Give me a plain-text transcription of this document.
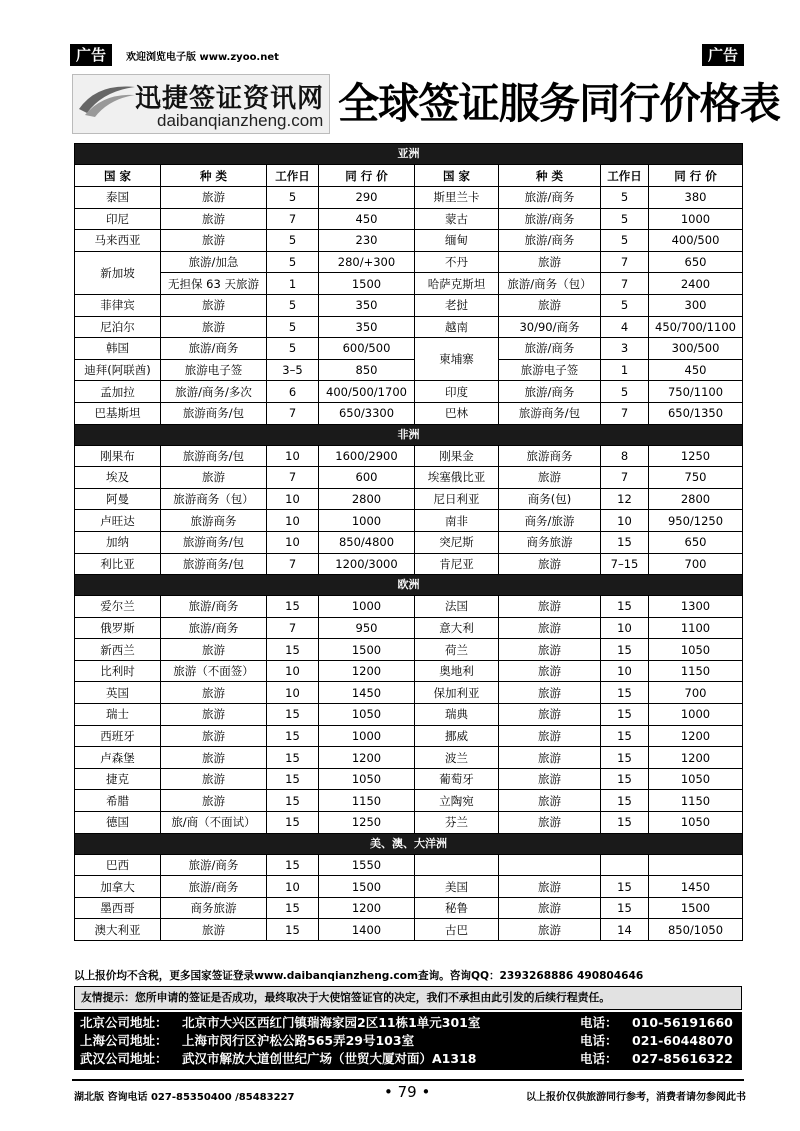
广告	欢迎浏览电子版 www.zyoo.net	广告
迅捷签证资讯网
daibanqianzheng.com 全球签证服务同行价格表
亚洲							
国 家	种 类	工作日	同 行 价	国 家	种 类	工作日	同 行 价
泰国	旅游	5	290	斯里兰卡	旅游/商务	5	380
印尼	旅游	7	450	蒙古	旅游/商务	5	1000
马来西亚	旅游	5	230	缅甸	旅游/商务	5	400/500
新加坡	旅游/加急	5	280/+300	不丹	旅游	7	650
	无担保 63 天旅游	1	1500	哈萨克斯坦	旅游/商务（包）	7	2400
菲律宾	旅游	5	350	老挝	旅游	5	300
尼泊尔	旅游	5	350	越南	30/90/商务	4	450/700/1100
韩国	旅游/商务	5	600/500	柬埔寨	旅游/商务	3	300/500
迪拜(阿联酋)	旅游电子签	3–5	850		旅游电子签	1	450
孟加拉	旅游/商务/多次	6	400/500/1700	印度	旅游/商务	5	750/1100
巴基斯坦	旅游商务/包	7	650/3300	巴林	旅游商务/包	7	650/1350
非洲							
刚果布	旅游商务/包	10	1600/2900	刚果金	旅游商务	8	1250
埃及	旅游	7	600	埃塞俄比亚	旅游	7	750
阿曼	旅游商务（包）	10	2800	尼日利亚	商务(包)	12	2800
卢旺达	旅游商务	10	1000	南非	商务/旅游	10	950/1250
加纳	旅游商务/包	10	850/4800	突尼斯	商务旅游	15	650
利比亚	旅游商务/包	7	1200/3000	肯尼亚	旅游	7–15	700
欧洲							
爱尔兰	旅游/商务	15	1000	法国	旅游	15	1300
俄罗斯	旅游/商务	7	950	意大利	旅游	10	1100
新西兰	旅游	15	1500	荷兰	旅游	15	1050
比利时	旅游（不面签）	10	1200	奥地利	旅游	10	1150
英国	旅游	10	1450	保加利亚	旅游	15	700
瑞士	旅游	15	1050	瑞典	旅游	15	1000
西班牙	旅游	15	1000	挪威	旅游	15	1200
卢森堡	旅游	15	1200	波兰	旅游	15	1200
捷克	旅游	15	1050	葡萄牙	旅游	15	1050
希腊	旅游	15	1150	立陶宛	旅游	15	1150
德国	旅/商（不面试）	15	1250	芬兰	旅游	15	1050
美、澳、大洋洲							
巴西	旅游/商务	15	1550				
加拿大	旅游/商务	10	1500	美国	旅游	15	1450
墨西哥	商务旅游	15	1200	秘鲁	旅游	15	1500
澳大利亚	旅游	15	1400	古巴	旅游	14	850/1050
以上报价均不含税，更多国家签证登录www.daibanqianzheng.com查询。咨询QQ：2393268886 490804646
友情提示：您所申请的签证是否成功，最终取决于大使馆签证官的决定，我们不承担由此引发的后续行程责任。
北京公司地址： 北京市大兴区西红门镇瑞海家园2区11栋1单元301室	电话： 010-56191660
上海公司地址： 上海市闵行区沪松公路565弄29号103室	电话： 021-60448070
武汉公司地址： 武汉市解放大道创世纪广场（世贸大厦对面）A1318	电话： 027-85616322
湖北版 咨询电话 027-85350400 /85483227	• 79 •	以上报价仅供旅游同行参考，消费者请勿参阅此书
